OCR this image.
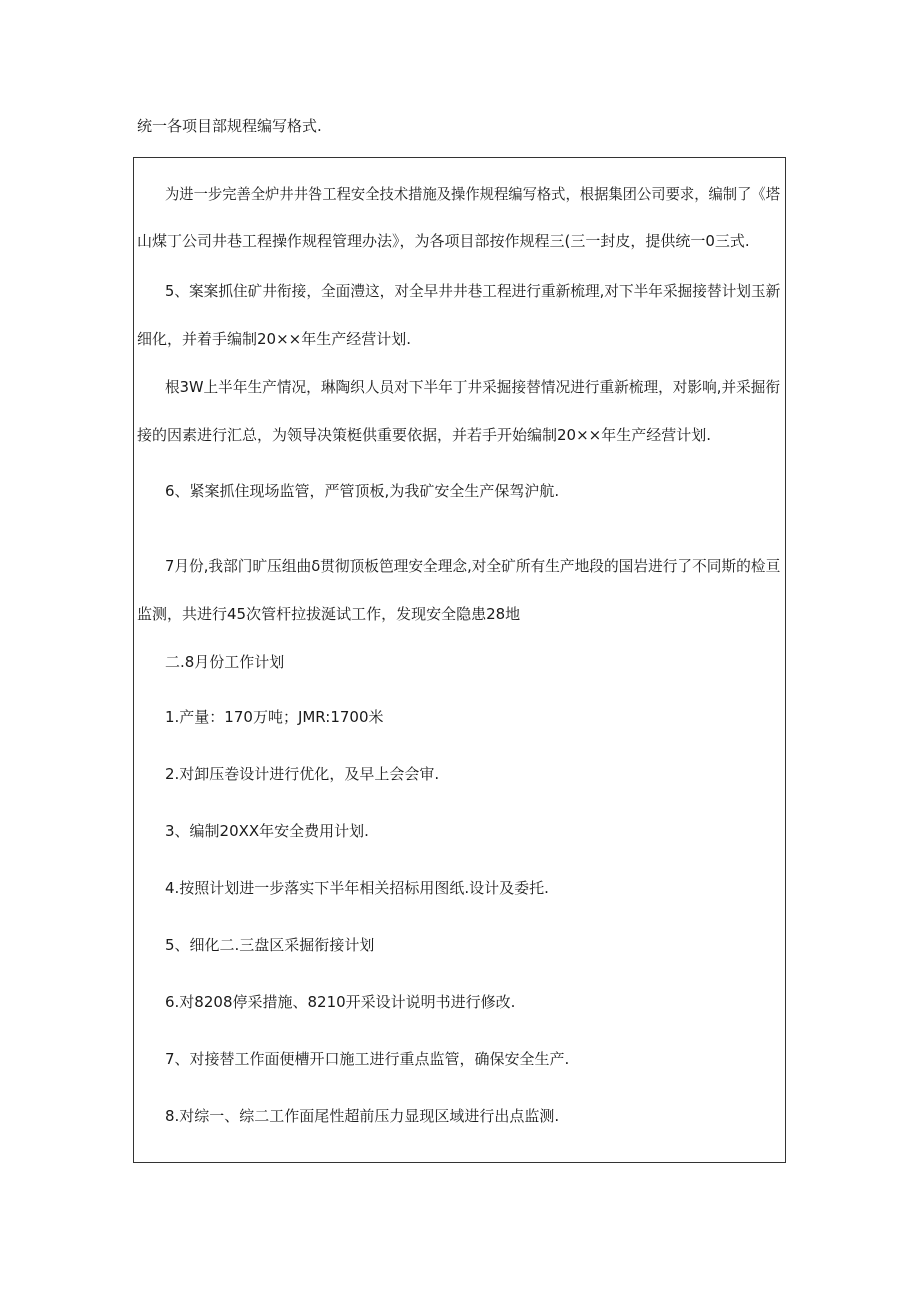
统一各项目部规程编写格式.
为进一步完善全炉井井咎工程安全技术措施及操作规程编写格式，根据集团公司要求，编制了《塔
山煤丁公司井巷工程操作规程管理办法》，为各项目部按作规程三(三一封皮，提供统一0三式.
5、案案抓住矿井衔接，全面澧这，对全早井井巷工程进行重新梳理,对下半年采掘接替计划玉新
细化，并着手编制20××年生产经营计划.
根3W上半年生产情况，琳陶织人员对下半年丁井采掘接替情况进行重新梳理，对影响,并采掘衔
接的因素进行汇总，为领导决策梃供重要依据，并若手开始编制20××年生产经营计划.
6、紧案抓住现场监管，严管顶板,为我矿安全生产保驾沪航.
7月份,我部门旷压组曲δ贯彻顶板笆理安全理念,对全矿所有生产地段的国岩进行了不同斯的检亘
监测，共进行45次管杆拉拔涎试工作，发现安全隐患28地
二.8月份工作计划
1.产量：170万吨；JMR:1700米
2.对卸压巻设计进行优化，及早上会会审.
3、编制20XX年安全费用计划.
4.按照计划进一步落实下半年相关招标用图纸.设计及委托.
5、细化二.三盘区采掘衔接计划
6.对8208停采措施、8210开采设计说明书进行修改.
7、对接替工作面便槽开口施工进行重点监管，确保安全生产.
8.对综一、综二工作面尾性超前压力显现区域进行出点监测.
